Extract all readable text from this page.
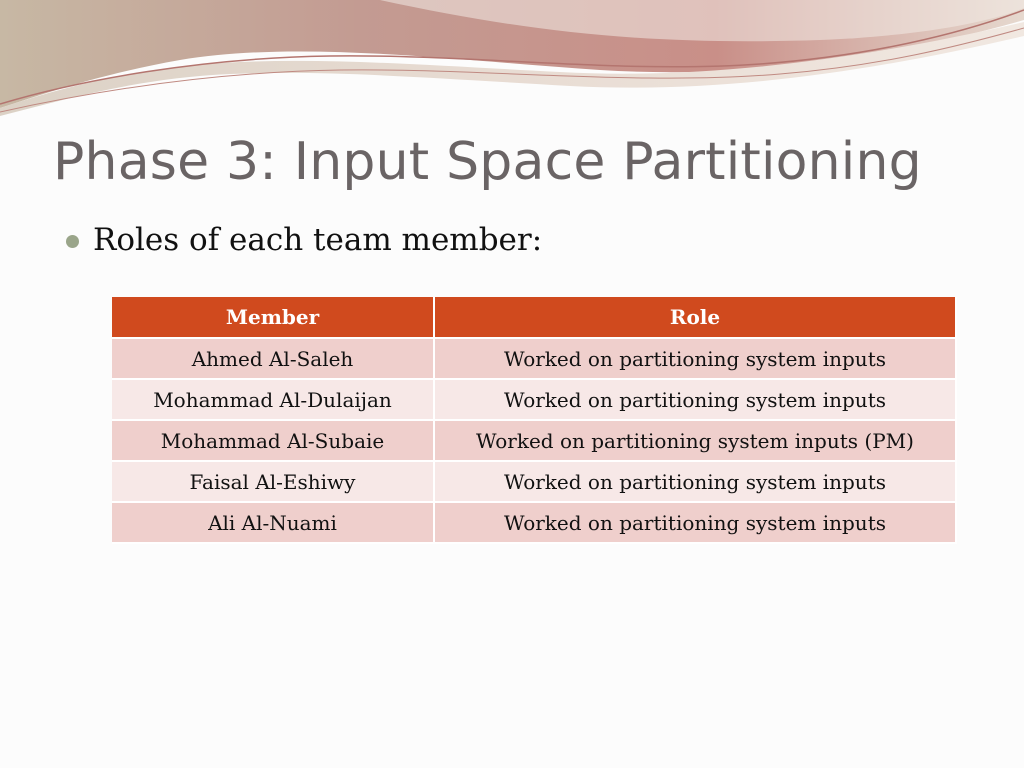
Phase 3: Input Space Partitioning
Roles of each team member:
Member	Role
Ahmed Al-Saleh	Worked on partitioning system inputs
Mohammad Al-Dulaijan	Worked on partitioning system inputs
Mohammad Al-Subaie	Worked on partitioning system inputs (PM)
Faisal Al-Eshiwy	Worked on partitioning system inputs
Ali Al-Nuami	Worked on partitioning system inputs
